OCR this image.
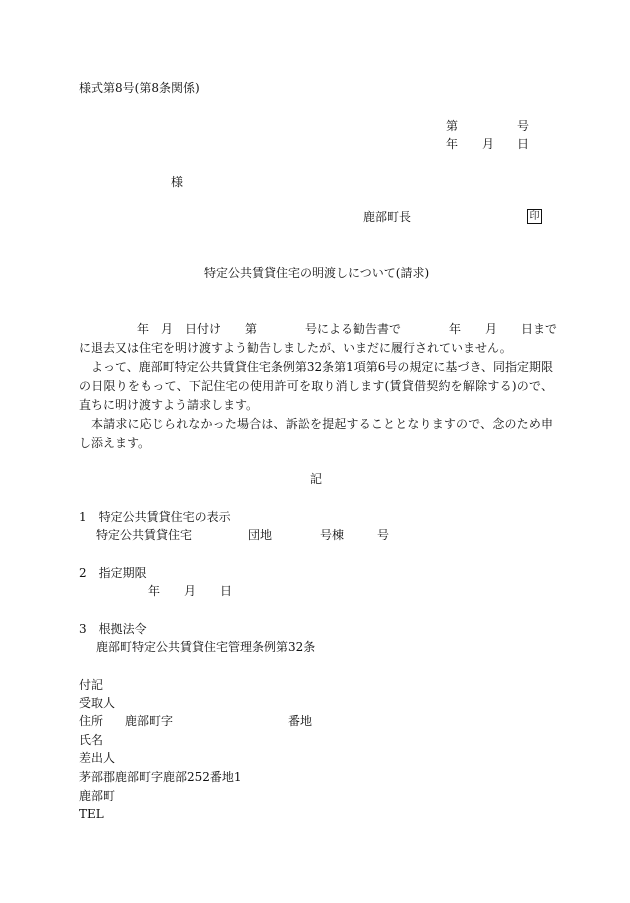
様式第8号(第8条関係)
第	号
年 月 日
様
鹿部町長	印
特定公共賃貸住宅の明渡しについて(請求)
年　月　日付け　　第　　　　号による勧告書で　　　　年　　月　　日まで
に退去又は住宅を明け渡すよう勧告しましたが、いまだに履行されていません。

よって、鹿部町特定公共賃貸住宅条例第32条第1項第6号の規定に基づき、同指定期限の日限りをもって、下記住宅の使用許可を取り消します(賃貸借契約を解除する)ので、直ちに明け渡すよう請求します。

本請求に応じられなかった場合は、訴訟を提起することとなりますので、念のため申し添えます。

記
1　特定公共賃貸住宅の表示
特定公共賃貸住宅	団地	号棟	号
2　指定期限
年 月 日
3　根拠法令
鹿部町特定公共賃貸住宅管理条例第32条
付記
受取人
住所 鹿部町字	番地
氏名
差出人
茅部郡鹿部町字鹿部252番地1
鹿部町
TEL
